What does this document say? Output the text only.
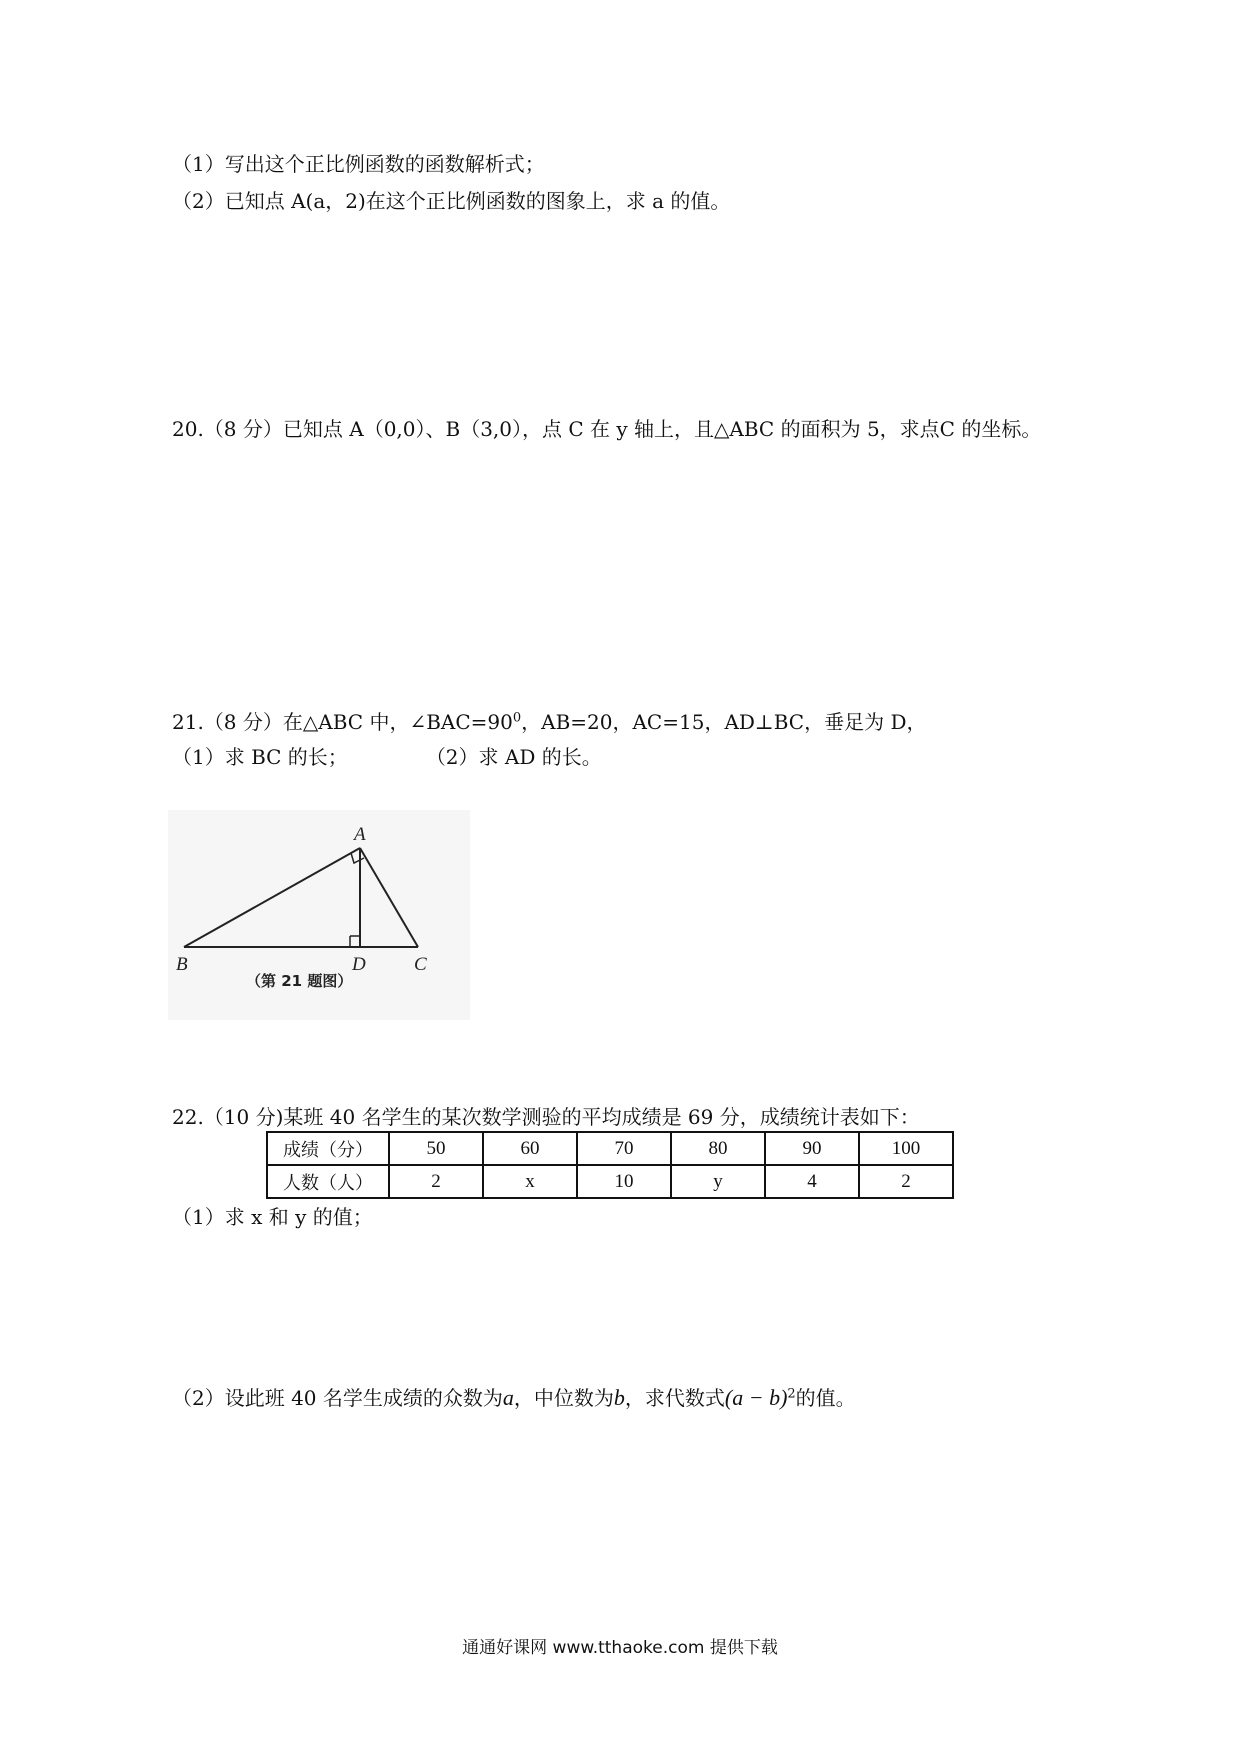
（1）写出这个正比例函数的函数解析式；
（2）已知点 A(a，2)在这个正比例函数的图象上，求 a 的值。
20.（8 分）已知点 A（0,0）、B（3,0），点 C 在 y 轴上，且△ABC 的面积为 5，求点C 的坐标。
21.（8 分）在△ABC 中，$\angle BAC=90^0$，AB=20，AC=15，AD⊥BC，垂足为 D，
（1）求 BC 的长；	（2）求 AD 的长。
A
B	C
D
（第 21 题图）
22.（10 分)某班 40 名学生的某次数学测验的平均成绩是 69 分，成绩统计表如下：
成绩（分）	50	60	70	80	90	100
人数（人）	2	x	10	y	4	2
（1）求 x 和 y 的值；
（2）设此班 40 名学生成绩的众数为a，中位数为b，求代数式$(a - b)^2$的值。
通通好课网 www.tthaoke.com 提供下载
